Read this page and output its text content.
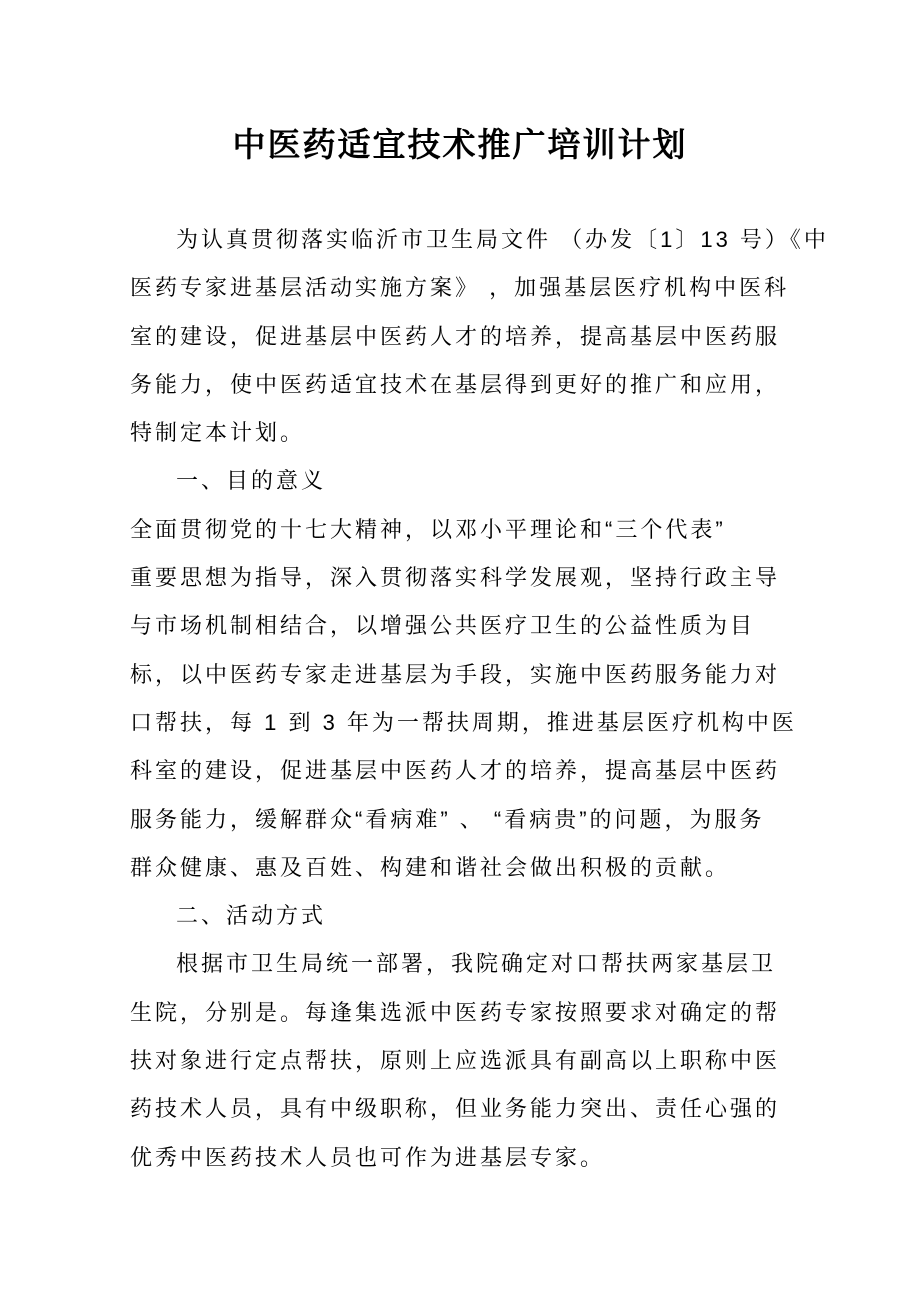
中医药适宜技术推广培训计划
为认真贯彻落实临沂市卫生局文件 （办发〔1〕13 号）《中
医药专家进基层活动实施方案》 ，加强基层医疗机构中医科
室的建设，促进基层中医药人才的培养，提高基层中医药服
务能力，使中医药适宜技术在基层得到更好的推广和应用，
特制定本计划。
一、目的意义
全面贯彻党的十七大精神，以邓小平理论和“三个代表”
重要思想为指导，深入贯彻落实科学发展观，坚持行政主导
与市场机制相结合，以增强公共医疗卫生的公益性质为目
标，以中医药专家走进基层为手段，实施中医药服务能力对
口帮扶，每 1 到 3 年为一帮扶周期，推进基层医疗机构中医
科室的建设，促进基层中医药人才的培养，提高基层中医药
服务能力，缓解群众“看病难” 、 “看病贵”的问题，为服务
群众健康、惠及百姓、构建和谐社会做出积极的贡献。
二、活动方式
根据市卫生局统一部署，我院确定对口帮扶两家基层卫
生院，分别是。每逢集选派中医药专家按照要求对确定的帮
扶对象进行定点帮扶，原则上应选派具有副高以上职称中医
药技术人员，具有中级职称，但业务能力突出、责任心强的
优秀中医药技术人员也可作为进基层专家。
